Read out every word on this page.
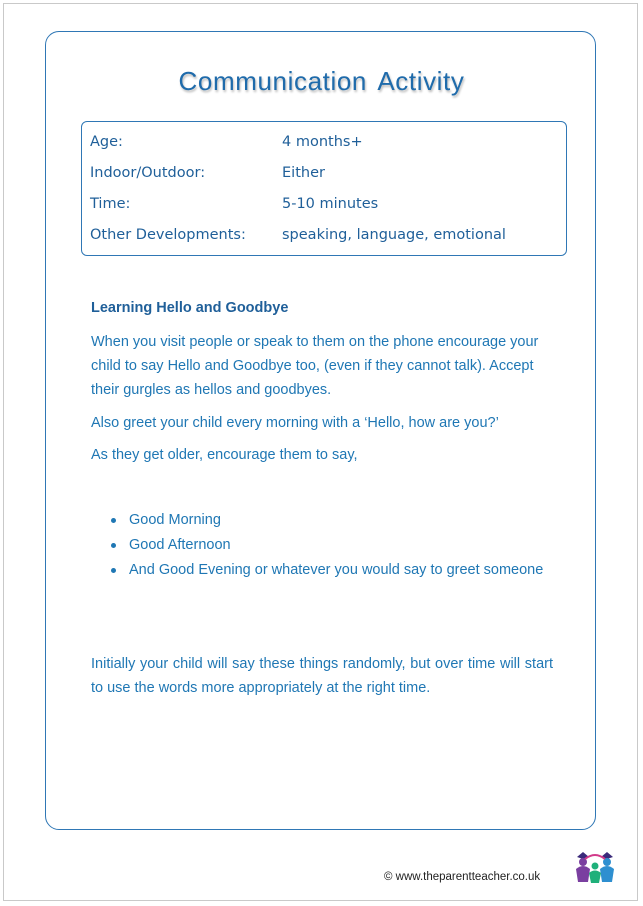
Communication Activity
Age:	4 months+
Indoor/Outdoor:	Either
Time:	5-10 minutes
Other Developments: speaking, language, emotional
Learning Hello and Goodbye
When you visit people or speak to them on the phone encourage your child to say Hello and Goodbye too, (even if they cannot talk). Accept their gurgles as hellos and goodbyes.
Also greet your child every morning with a ‘Hello, how are you?’
As they get older, encourage them to say,
Good Morning
Good Afternoon
And Good Evening or whatever you would say to greet someone
Initially your child will say these things randomly, but over time will start to use the words more appropriately at the right time.
© www.theparentteacher.co.uk
